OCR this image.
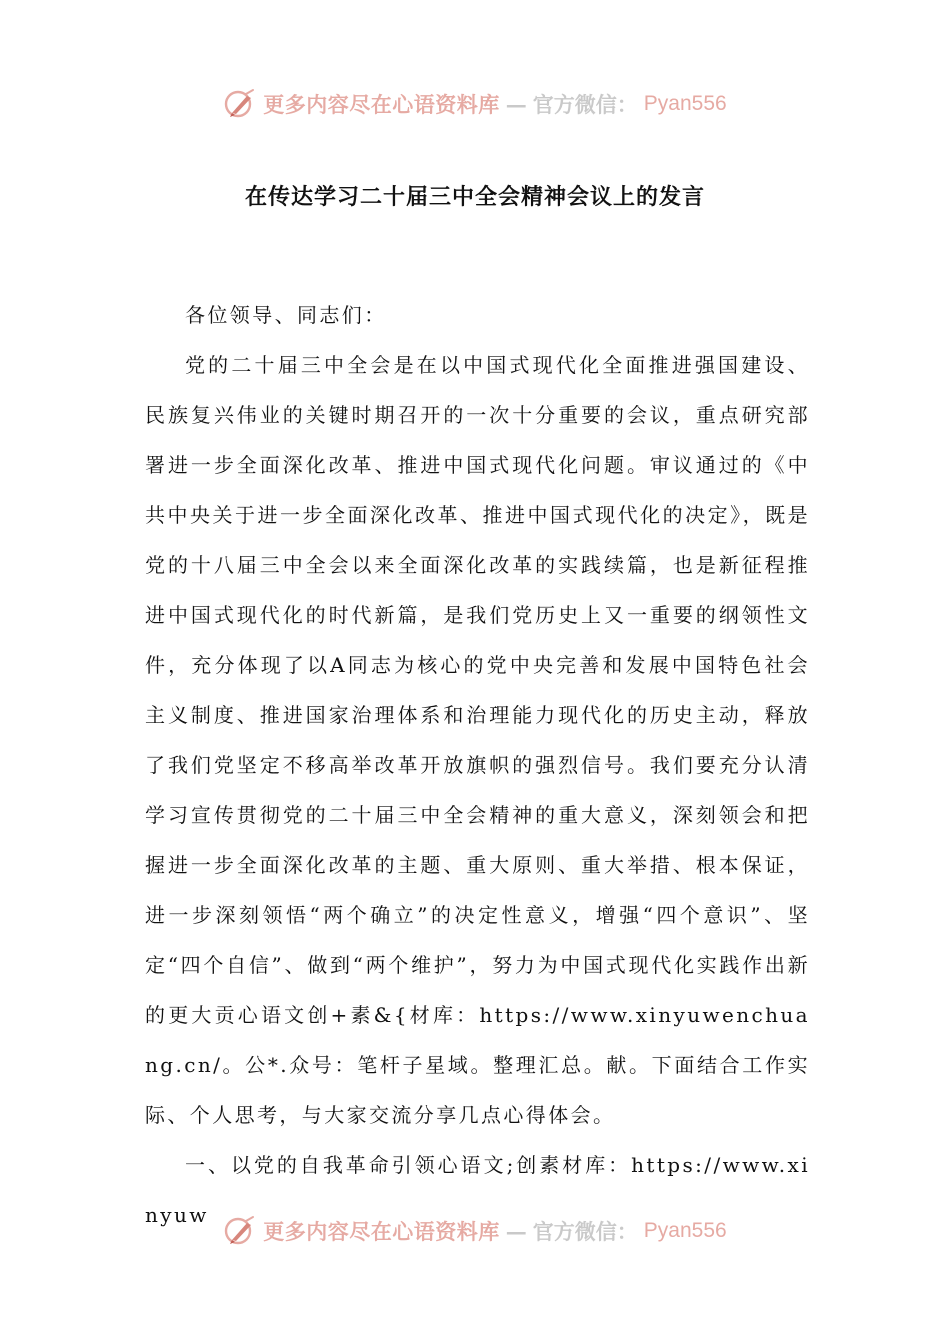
更多内容尽在心语资料库 — 官方微信： Pyan556
在传达学习二十届三中全会精神会议上的发言

各位领导、同志们：

党的二十届三中全会是在以中国式现代化全面推进强国建设、民族复兴伟业的关键时期召开的一次十分重要的会议，重点研究部署进一步全面深化改革、推进中国式现代化问题。审议通过的《中共中央关于进一步全面深化改革、推进中国式现代化的决定》，既是党的十八届三中全会以来全面深化改革的实践续篇，也是新征程推进中国式现代化的时代新篇，是我们党历史上又一重要的纲领性文件，充分体现了以A同志为核心的党中央完善和发展中国特色社会主义制度、推进国家治理体系和治理能力现代化的历史主动，释放了我们党坚定不移高举改革开放旗帜的强烈信号。我们要充分认清学习宣传贯彻党的二十届三中全会精神的重大意义，深刻领会和把握进一步全面深化改革的主题、重大原则、重大举措、根本保证，进一步深刻领悟“两个确立”的决定性意义，增强“四个意识”、坚定“四个自信”、做到“两个维护”，努力为中国式现代化实践作出新的更大贡心语文创+素&{材库：https://www.xinyuwenchuang.cn/。公*.众号：笔杆子星域。整理汇总。献。下面结合工作实际、个人思考，与大家交流分享几点心得体会。

一、以党的自我革命引领心语文;创素材库：https://www.xinyuw

更多内容尽在心语资料库 — 官方微信： Pyan556
